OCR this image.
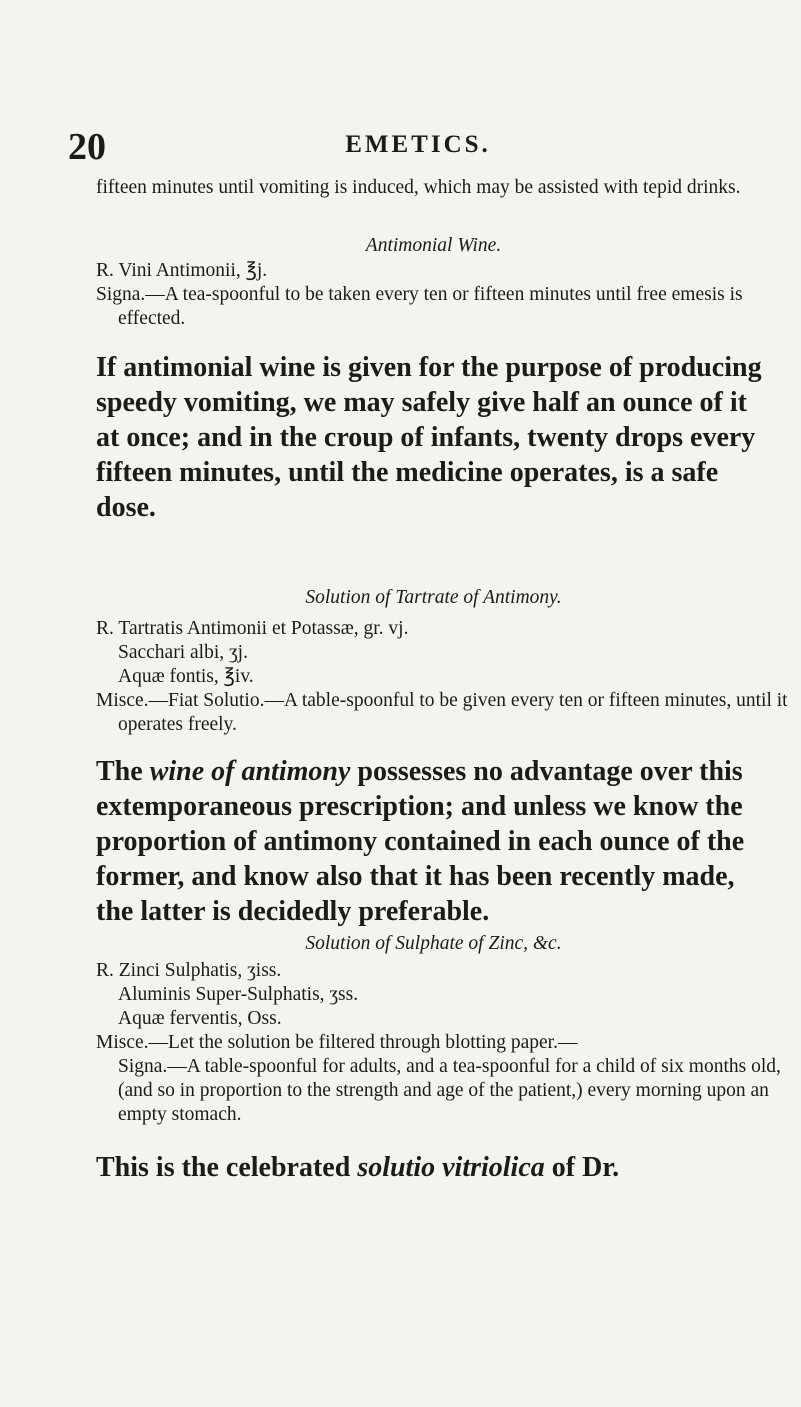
20	EMETICS.

fifteen minutes until vomiting is induced, which may be assisted with tepid drinks.

Antimonial Wine.

R. Vini Antimonii, ℥j.

Signa.—A tea-spoonful to be taken every ten or fifteen minutes until free emesis is effected.

If antimonial wine is given for the purpose of producing speedy vomiting, we may safely give half an ounce of it at once; and in the croup of infants, twenty drops every fifteen minutes, until the medicine operates, is a safe dose.

Solution of Tartrate of Antimony.

R. Tartratis Antimonii et Potassæ, gr. vj.

Sacchari albi, ʒj.

Aquæ fontis, ℥iv.

Misce.—Fiat Solutio.—A table-spoonful to be given every ten or fifteen minutes, until it operates freely.

The wine of antimony possesses no advantage over this extemporaneous prescription; and unless we know the proportion of antimony contained in each ounce of the former, and know also that it has been recently made, the latter is decidedly preferable.

Solution of Sulphate of Zinc, &c.

R. Zinci Sulphatis, ʒiss.

Aluminis Super-Sulphatis, ʒss.

Aquæ ferventis, Oss.

Misce.—Let the solution be filtered through blotting paper.—

Signa.—A table-spoonful for adults, and a tea-spoonful for a child of six months old, (and so in proportion to the strength and age of the patient,) every morning upon an empty stomach.

This is the celebrated solutio vitriolica of Dr.
